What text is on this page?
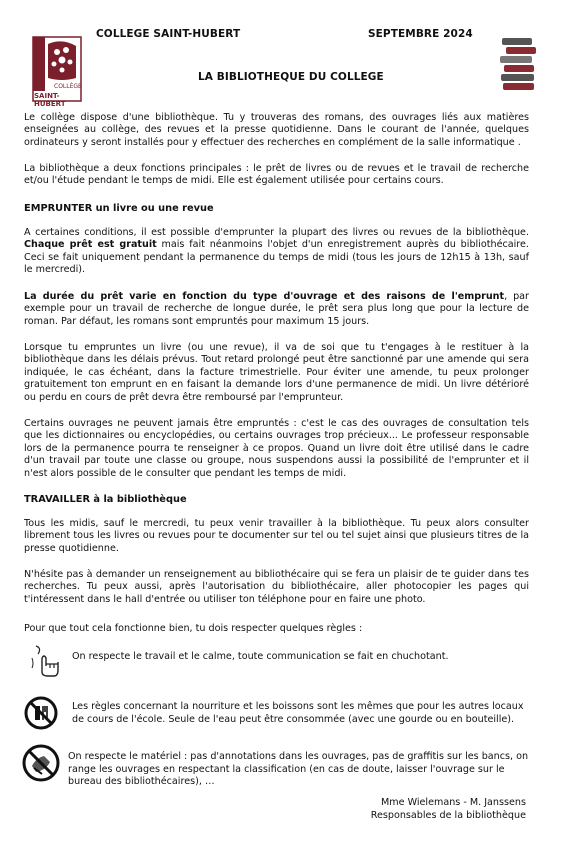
COLLÈGE
SAINT-HUBERT
COLLEGE SAINT-HUBERT	SEPTEMBRE 2024
LA BIBLIOTHEQUE DU COLLEGE

Le collège dispose d'une bibliothèque. Tu y trouveras des romans, des ouvrages liés aux matières enseignées au collège, des revues et la presse quotidienne. Dans le courant de l'année, quelques ordinateurs y seront installés pour y effectuer des recherches en complément de la salle informatique .

La bibliothèque a deux fonctions principales : le prêt de livres ou de revues et le travail de recherche et/ou l'étude pendant le temps de midi. Elle est également utilisée pour certains cours.

EMPRUNTER un livre ou une revue

A certaines conditions, il est possible d'emprunter la plupart des livres ou revues de la bibliothèque. Chaque prêt est gratuit mais fait néanmoins l'objet d'un enregistrement auprès du bibliothécaire. Ceci se fait uniquement pendant la permanence du temps de midi (tous les jours de 12h15 à 13h, sauf le mercredi).

La durée du prêt varie en fonction du type d'ouvrage et des raisons de l'emprunt, par exemple pour un travail de recherche de longue durée, le prêt sera plus long que pour la lecture de roman. Par défaut, les romans sont empruntés pour maximum 15 jours.

Lorsque tu empruntes un livre (ou une revue), il va de soi que tu t'engages à le restituer à la bibliothèque dans les délais prévus. Tout retard prolongé peut être sanctionné par une amende qui sera indiquée, le cas échéant, dans la facture trimestrielle. Pour éviter une amende, tu peux prolonger gratuitement ton emprunt en en faisant la demande lors d'une permanence de midi. Un livre détérioré ou perdu en cours de prêt devra être remboursé par l'emprunteur.

Certains ouvrages ne peuvent jamais être empruntés : c'est le cas des ouvrages de consultation tels que les dictionnaires ou encyclopédies, ou certains ouvrages trop précieux... Le professeur responsable lors de la permanence pourra te renseigner à ce propos. Quand un livre doit être utilisé dans le cadre d'un travail par toute une classe ou groupe, nous suspendons aussi la possibilité de l'emprunter et il n'est alors possible de le consulter que pendant les temps de midi.

TRAVAILLER à la bibliothèque

Tous les midis, sauf le mercredi, tu peux venir travailler à la bibliothèque. Tu peux alors consulter librement tous les livres ou revues pour te documenter sur tel ou tel sujet ainsi que plusieurs titres de la presse quotidienne.

N'hésite pas à demander un renseignement au bibliothécaire qui se fera un plaisir de te guider dans tes recherches. Tu peux aussi, après l'autorisation du bibliothécaire, aller photocopier les pages qui t'intéressent dans le hall d'entrée ou utiliser ton téléphone pour en faire une photo.

Pour que tout cela fonctionne bien, tu dois respecter quelques règles :

On respecte le travail et le calme, toute communication se fait en chuchotant.
Les règles concernant la nourriture et les boissons sont les mêmes que pour les autres locaux de cours de l'école. Seule de l'eau peut être consommée (avec une gourde ou en bouteille).
On respecte le matériel : pas d'annotations dans les ouvrages, pas de graffitis sur les bancs, on range les ouvrages en respectant la classification (en cas de doute, laisser l'ouvrage sur le bureau des bibliothécaires), …
Mme Wielemans - M. Janssens
Responsables de la bibliothèque
